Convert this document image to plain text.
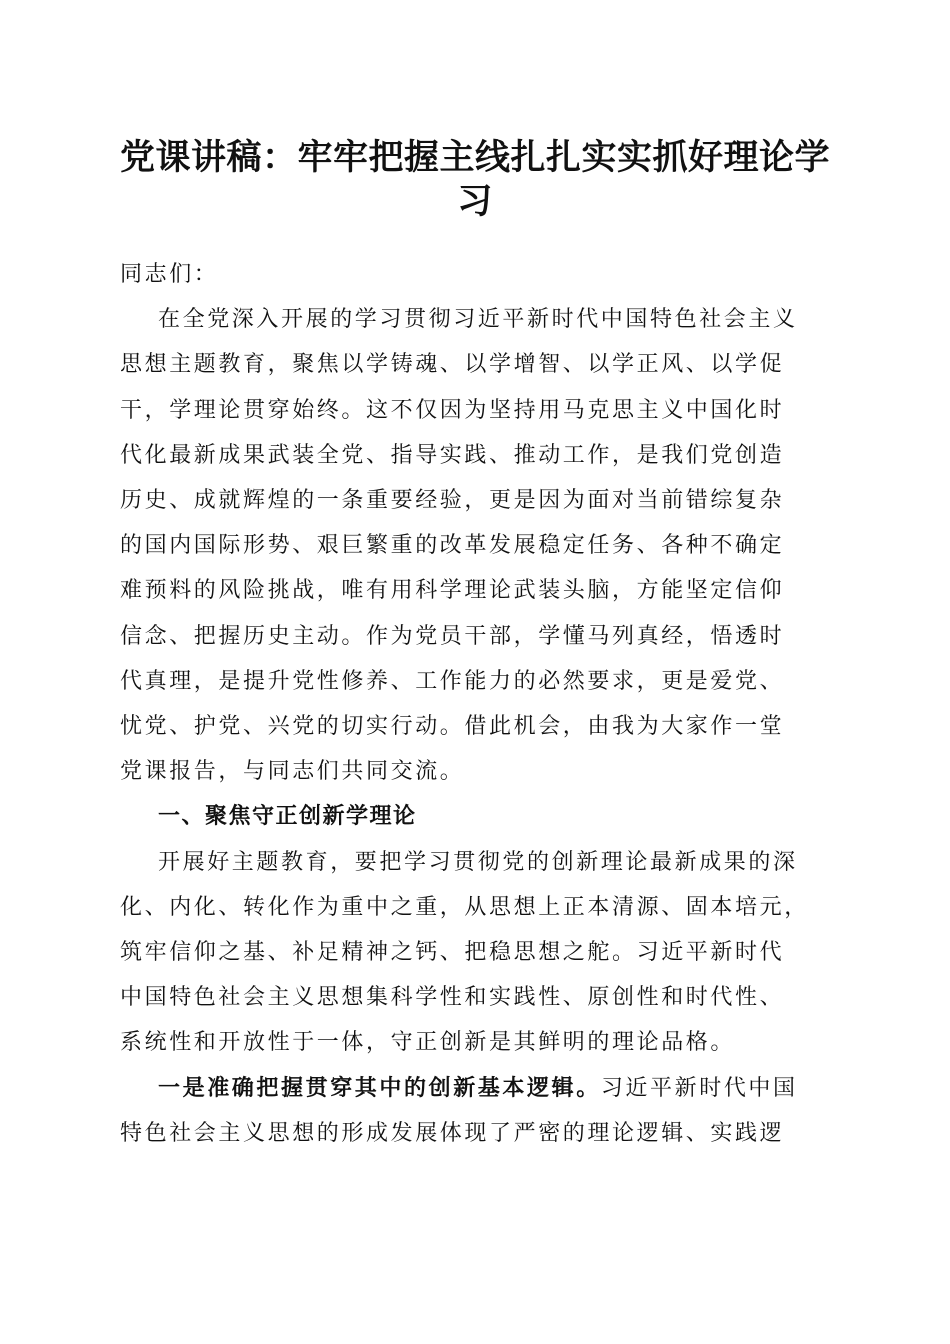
党课讲稿：牢牢把握主线扎扎实实抓好理论学
习
同志们：
在全党深入开展的学习贯彻习近平新时代中国特色社会主义
思想主题教育，聚焦以学铸魂、以学增智、以学正风、以学促
干，学理论贯穿始终。这不仅因为坚持用马克思主义中国化时
代化最新成果武装全党、指导实践、推动工作，是我们党创造
历史、成就辉煌的一条重要经验，更是因为面对当前错综复杂
的国内国际形势、艰巨繁重的改革发展稳定任务、各种不确定
难预料的风险挑战，唯有用科学理论武装头脑，方能坚定信仰
信念、把握历史主动。作为党员干部，学懂马列真经，悟透时
代真理，是提升党性修养、工作能力的必然要求，更是爱党、
忧党、护党、兴党的切实行动。借此机会，由我为大家作一堂
党课报告，与同志们共同交流。
一、聚焦守正创新学理论
开展好主题教育，要把学习贯彻党的创新理论最新成果的深
化、内化、转化作为重中之重，从思想上正本清源、固本培元，
筑牢信仰之基、补足精神之钙、把稳思想之舵。习近平新时代
中国特色社会主义思想集科学性和实践性、原创性和时代性、
系统性和开放性于一体，守正创新是其鲜明的理论品格。
一是准确把握贯穿其中的创新基本逻辑。习近平新时代中国
特色社会主义思想的形成发展体现了严密的理论逻辑、实践逻
